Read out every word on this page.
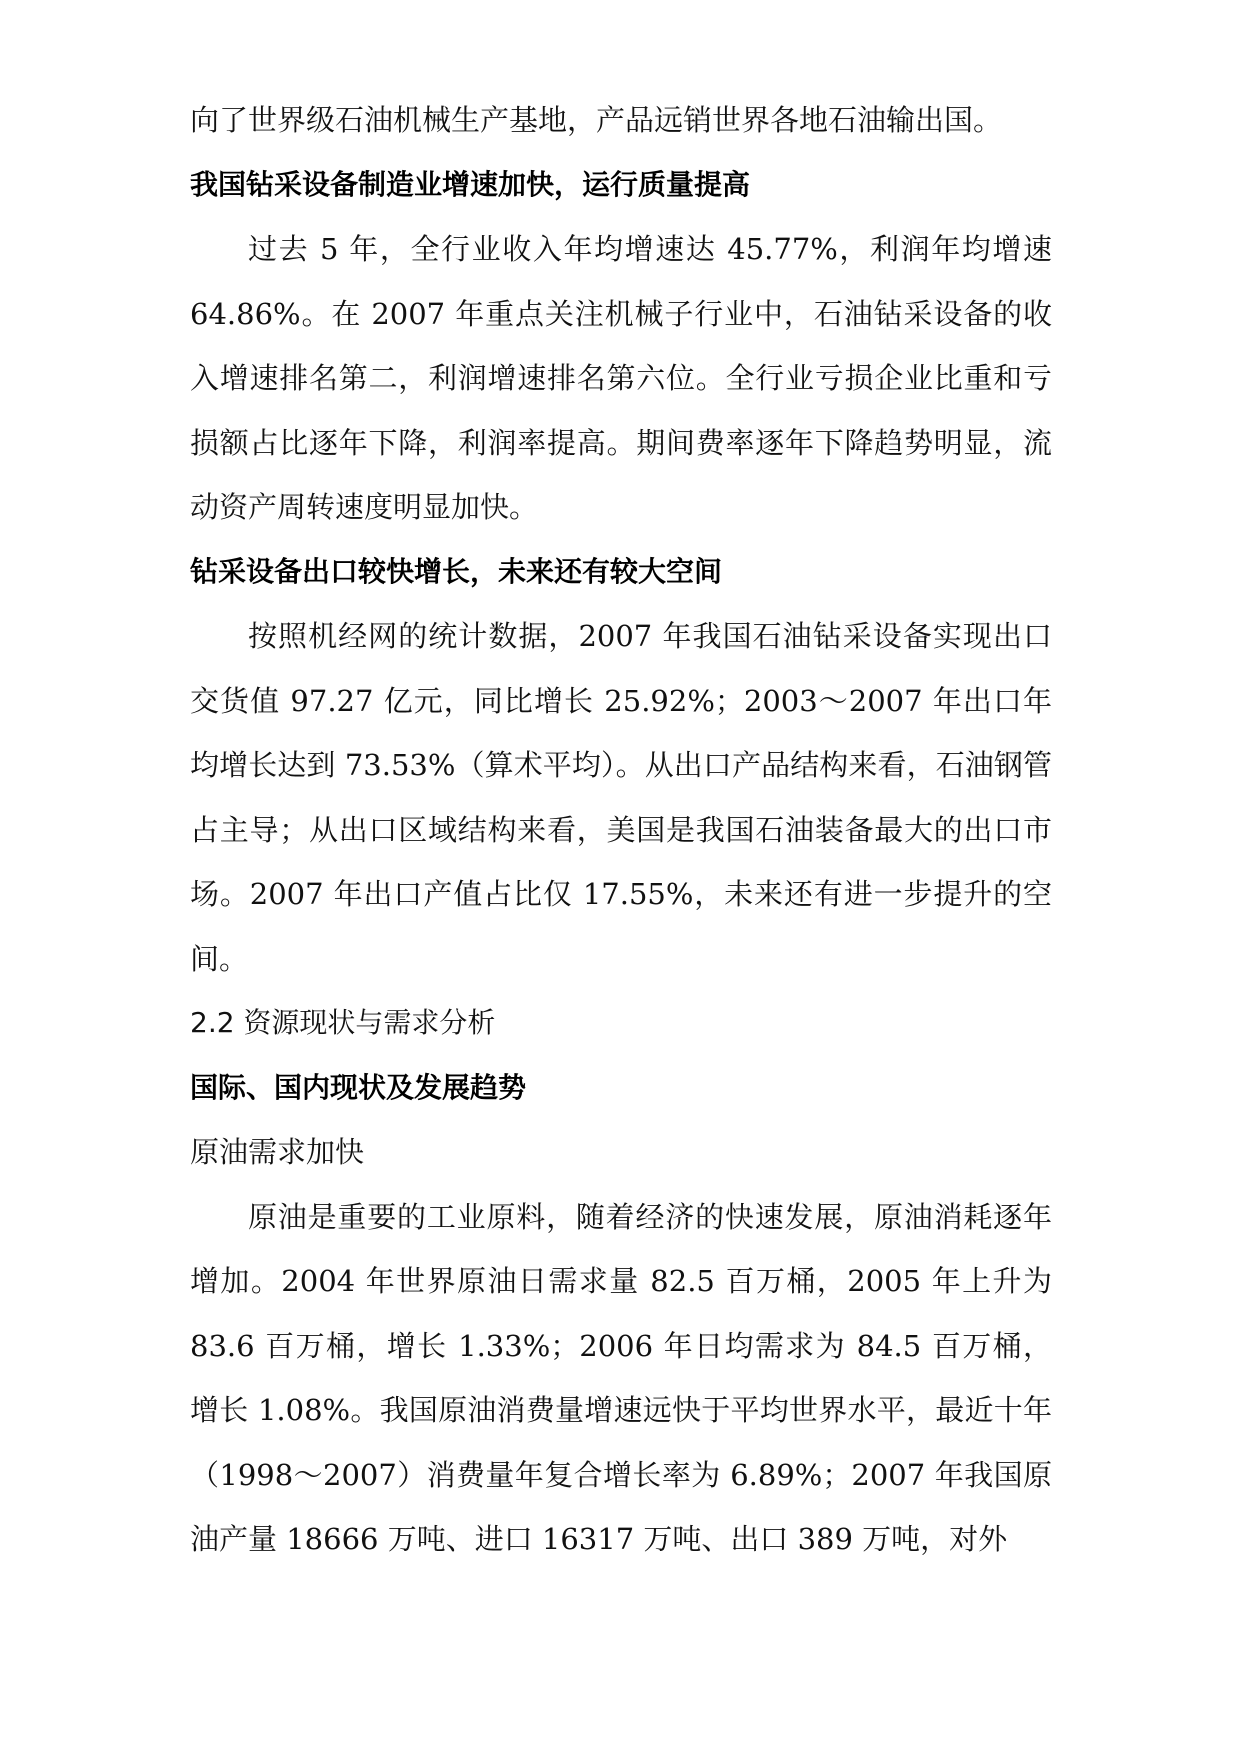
向了世界级石油机械生产基地，产品远销世界各地石油输出国。

我国钻采设备制造业增速加快，运行质量提高

过去 5 年，全行业收入年均增速达 45.77%，利润年均增速 64.86%。在 2007 年重点关注机械子行业中，石油钻采设备的收入增速排名第二，利润增速排名第六位。全行业亏损企业比重和亏损额占比逐年下降，利润率提高。期间费率逐年下降趋势明显，流动资产周转速度明显加快。

钻采设备出口较快增长，未来还有较大空间

按照机经网的统计数据，2007 年我国石油钻采设备实现出口交货值 97.27 亿元，同比增长 25.92%；2003～2007 年出口年均增长达到 73.53%（算术平均）。从出口产品结构来看，石油钢管占主导；从出口区域结构来看，美国是我国石油装备最大的出口市场。2007 年出口产值占比仅 17.55%，未来还有进一步提升的空间。

2.2 资源现状与需求分析

国际、国内现状及发展趋势

原油需求加快

原油是重要的工业原料，随着经济的快速发展，原油消耗逐年增加。2004 年世界原油日需求量 82.5 百万桶，2005 年上升为 83.6 百万桶，增长 1.33%；2006 年日均需求为 84.5 百万桶，增长 1.08%。我国原油消费量增速远快于平均世界水平，最近十年（1998～2007）消费量年复合增长率为 6.89%；2007 年我国原油产量 18666 万吨、进口 16317 万吨、出口 389 万吨，对外
